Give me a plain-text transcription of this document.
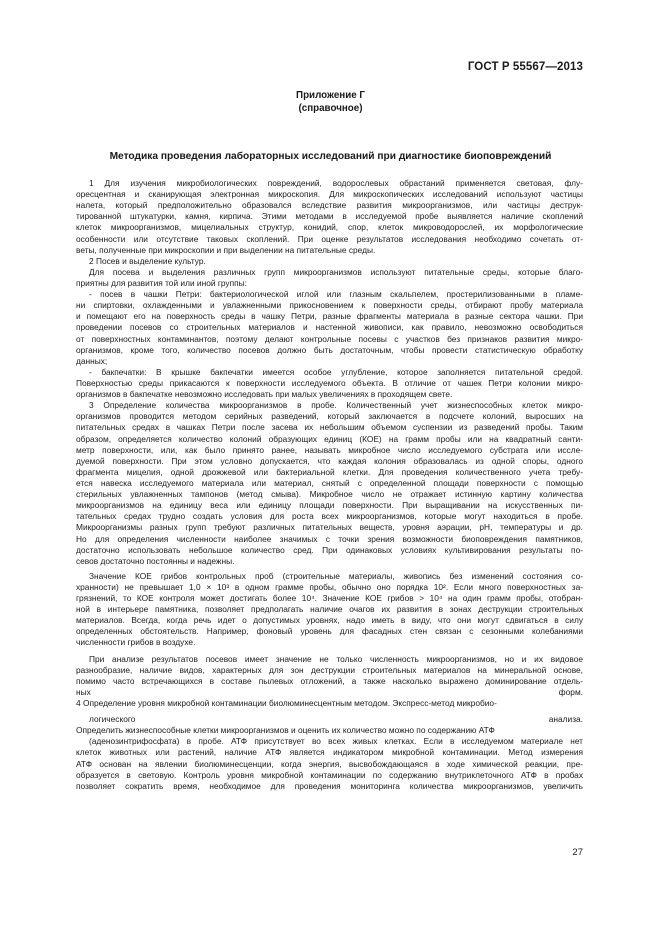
ГОСТ Р 55567—2013
Приложение Г
(справочное)
Методика проведения лабораторных исследований при диагностике биоповреждений
1 Для изучения микробиологических повреждений, водорослевых обрастаний применяется световая, флу-
оресцентная и сканирующая электронная микроскопия. Для микроскопических исследований используют частицы
налета, который предположительно образовался вследствие развития микроорганизмов, или частицы деструк-
тированной штукатурки, камня, кирпича. Этими методами в исследуемой пробе выявляется наличие скоплений
клеток микроорганизмов, мицелиальных структур, конидий, спор, клеток микроводорослей, их морфологические
особенности или отсутствие таковых скоплений. При оценке результатов исследования необходимо сочетать от-
веты, полученные при микроскопии и при выделении на питательные среды.
2 Посев и выделение культур.
Для посева и выделения различных групп микроорганизмов используют питательные среды, которые благо-
приятны для развития той или иной группы:
- посев в чашки Петри: бактериологической иглой или глазным скальпелем, простерилизованными в пламе-
ни спиртовки, охлажденными и увлажненными прикосновением к поверхности среды, отбирают пробу материала
и помещают его на поверхность среды в чашку Петри, разные фрагменты материала в разные сектора чашки. При
проведении посевов со строительных материалов и настенной живописи, как правило, невозможно освободиться
от поверхностных контаминантов, поэтому делают контрольные посевы с участков без признаков развития микро-
организмов, кроме того, количество посевов должно быть достаточным, чтобы провести статистическую обработку
данных;
- бакпечатки: В крышке бакпечатки имеется особое углубление, которое заполняется питательной средой.
Поверхностью среды прикасаются к поверхности исследуемого объекта. В отличие от чашек Петри колонии микро-
организмов в бакпечатке невозможно исследовать при малых увеличениях в проходящем свете.
3 Определение количества микроорганизмов в пробе. Количественный учет жизнеспособных клеток микро-
организмов проводится методом серийных разведений, который заключается в подсчете колоний, выросших на
питательных средах в чашках Петри после засева их небольшим объемом суспензии из разведений пробы. Таким
образом, определяется количество колоний образующих единиц (КОЕ) на грамм пробы или на квадратный санти-
метр поверхности, или, как было принято ранее, называть микробное число исследуемого субстрата или иссле-
дуемой поверхности. При этом условно допускается, что каждая колония образовалась из одной споры, одного
фрагмента мицелия, одной дрожжевой или бактериальной клетки. Для проведения количественного учета требу-
ется навеска исследуемого материала или материал, снятый с определенной площади поверхности с помощью
стерильных увлажненных тампонов (метод смыва). Микробное число не отражает истинную картину количества
микроорганизмов на единицу веса или единицу площади поверхности. При выращивании на искусственных пи-
тательных средах трудно создать условия для роста всех микроорганизмов, которые могут находиться в пробе.
Микроорганизмы разных групп требуют различных питательных веществ, уровня аэрации, pH, температуры и др.
Но для определения численности наиболее значимых с точки зрения возможности биоповреждения памятников,
достаточно использовать небольшое количество сред. При одинаковых условиях культивирования результаты по-
севов достаточно постоянны и надежны.
Значение КОЕ грибов контрольных проб (строительные материалы, живопись без изменений состояния со-
хранности) не превышает 1,0 × 10³ в одном грамме пробы, обычно оно порядка 10². Если много поверхностных за-
грязнений, то КОЕ контроля может достигать более 10⁴. Значение КОЕ грибов > 10⁴ на один грамм пробы, отобран-
ной в интерьере памятника, позволяет предполагать наличие очагов их развития в зонах деструкции строительных
материалов. Всегда, когда речь идет о допустимых уровнях, надо иметь в виду, что они могут сдвигаться в силу
определенных обстоятельств. Например, фоновый уровень для фасадных стен связан с сезонными колебаниями
численности грибов в воздухе.
При анализе результатов посевов имеет значение не только численность микроорганизмов, но и их видовое
разнообразие, наличие видов, характерных для зон деструкции строительных материалов на минеральной основе,
помимо часто встречающихся в составе пылевых отложений, а также насколько выражено доминирование отдель-
ных форм.
4 Определение уровня микробной контаминации биолюминесцентным методом. Экспресс-метод микробио-
логического анализа.
Определить жизнеспособные клетки микроорганизмов и оценить их количество можно по содержанию АТФ
(аденозинтрифосфата) в пробе. АТФ присутствует во всех живых клетках. Если в исследуемом материале нет
клеток животных или растений, наличие АТФ является индикатором микробной контаминации. Метод измерения
АТФ основан на явлении биолюминесценции, когда энергия, высвобождающаяся в ходе химической реакции, пре-
образуется в световую. Контроль уровня микробной контаминации по содержанию внутриклеточного АТФ в пробах
позволяет сократить время, необходимое для проведения мониторинга количества микроорганизмов, увеличить
27
